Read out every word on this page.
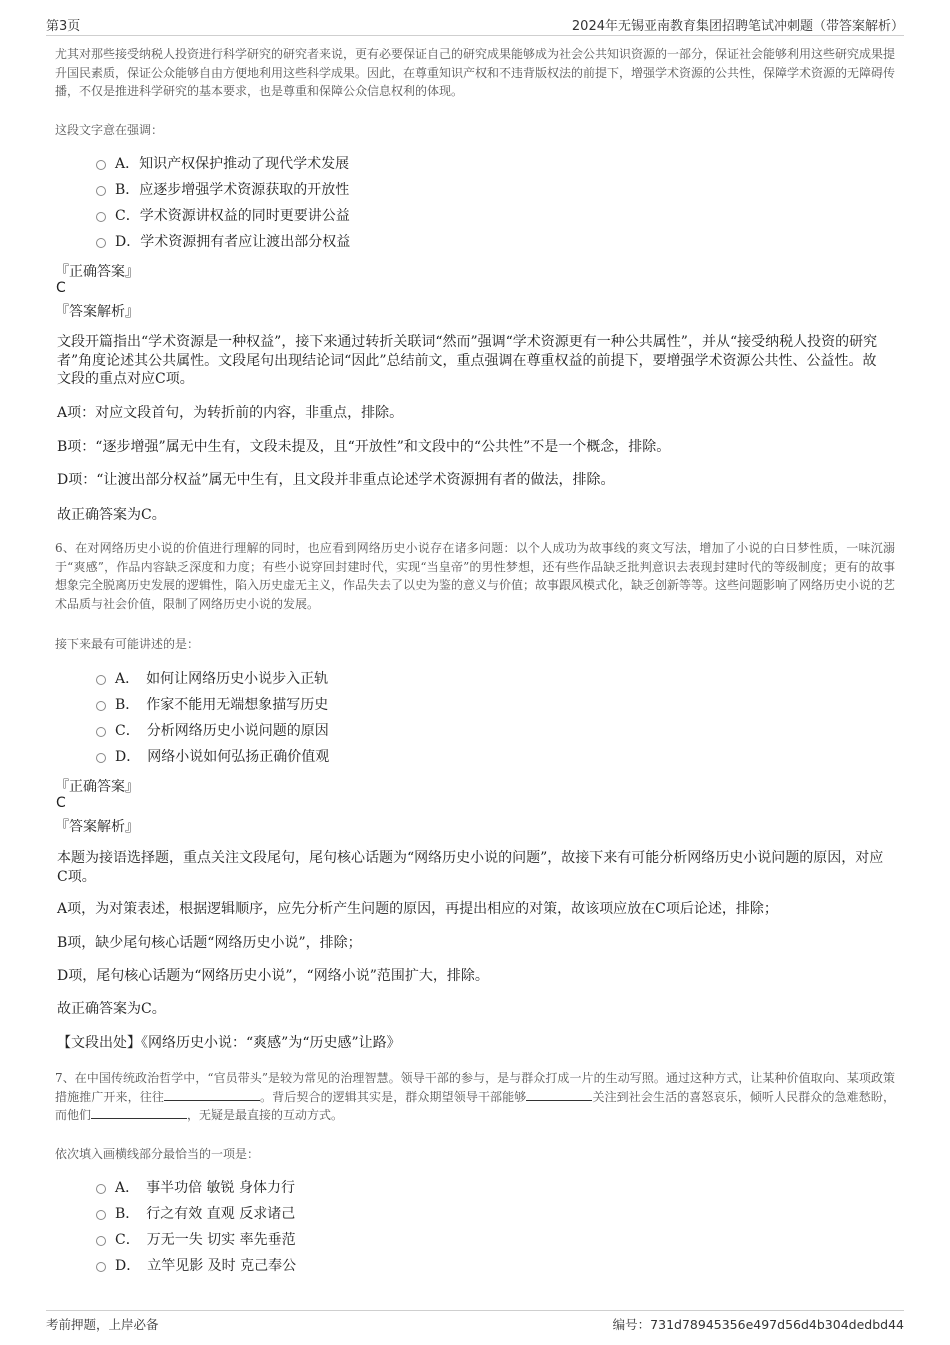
第3页	2024年无锡亚南教育集团招聘笔试冲刺题（带答案解析）
尤其对那些接受纳税人投资进行科学研究的研究者来说，更有必要保证自己的研究成果能够成为社会公共知识资源的一部分，保证社会能够利用这些研究成果提升国民素质，保证公众能够自由方便地利用这些科学成果。因此，在尊重知识产权和不违背版权法的前提下，增强学术资源的公共性，保障学术资源的无障碍传播，不仅是推进科学研究的基本要求，也是尊重和保障公众信息权利的体现。
这段文字意在强调：
A．知识产权保护推动了现代学术发展
B．应逐步增强学术资源获取的开放性
C．学术资源讲权益的同时更要讲公益
D．学术资源拥有者应让渡出部分权益
『正确答案』
C
『答案解析』
文段开篇指出“学术资源是一种权益”，接下来通过转折关联词“然而”强调“学术资源更有一种公共属性”，并从“接受纳税人投资的研究者”角度论述其公共属性。文段尾句出现结论词“因此”总结前文，重点强调在尊重权益的前提下，要增强学术资源公共性、公益性。故文段的重点对应C项。
A项：对应文段首句，为转折前的内容，非重点，排除。
B项：“逐步增强”属无中生有，文段未提及，且“开放性”和文段中的“公共性”不是一个概念，排除。
D项：“让渡出部分权益”属无中生有，且文段并非重点论述学术资源拥有者的做法，排除。
故正确答案为C。
6、在对网络历史小说的价值进行理解的同时，也应看到网络历史小说存在诸多问题：以个人成功为故事线的爽文写法，增加了小说的白日梦性质，一味沉溺于“爽感”，作品内容缺乏深度和力度；有些小说穿回封建时代，实现“当皇帝”的男性梦想，还有些作品缺乏批判意识去表现封建时代的等级制度；更有的故事想象完全脱离历史发展的逻辑性，陷入历史虚无主义，作品失去了以史为鉴的意义与价值；故事跟风模式化，缺乏创新等等。这些问题影响了网络历史小说的艺术品质与社会价值，限制了网络历史小说的发展。
接下来最有可能讲述的是：
A．　如何让网络历史小说步入正轨
B．　作家不能用无端想象描写历史
C．　分析网络历史小说问题的原因
D．　网络小说如何弘扬正确价值观
『正确答案』
C
『答案解析』
本题为接语选择题，重点关注文段尾句，尾句核心话题为“网络历史小说的问题”，故接下来有可能分析网络历史小说问题的原因，对应C项。
A项，为对策表述，根据逻辑顺序，应先分析产生问题的原因，再提出相应的对策，故该项应放在C项后论述，排除；
B项，缺少尾句核心话题“网络历史小说”，排除；
D项，尾句核心话题为“网络历史小说”，“网络小说”范围扩大，排除。
故正确答案为C。
【文段出处】《网络历史小说：“爽感”为“历史感”让路》
7、在中国传统政治哲学中，“官员带头”是较为常见的治理智慧。领导干部的参与，是与群众打成一片的生动写照。通过这种方式，让某种价值取向、某项政策措施推广开来，往往	。背后契合的逻辑其实是，群众期望领导干部能够	关注到社会生活的喜怒哀乐，倾听人民群众的急难愁盼，而他们	，无疑是最直接的互动方式。
依次填入画横线部分最恰当的一项是：
A．　事半功倍 敏锐 身体力行
B．　行之有效 直观 反求诸己
C．　万无一失 切实 率先垂范
D．　立竿见影 及时 克己奉公
考前押题，上岸必备	编号：731d78945356e497d56d4b304dedbd44
